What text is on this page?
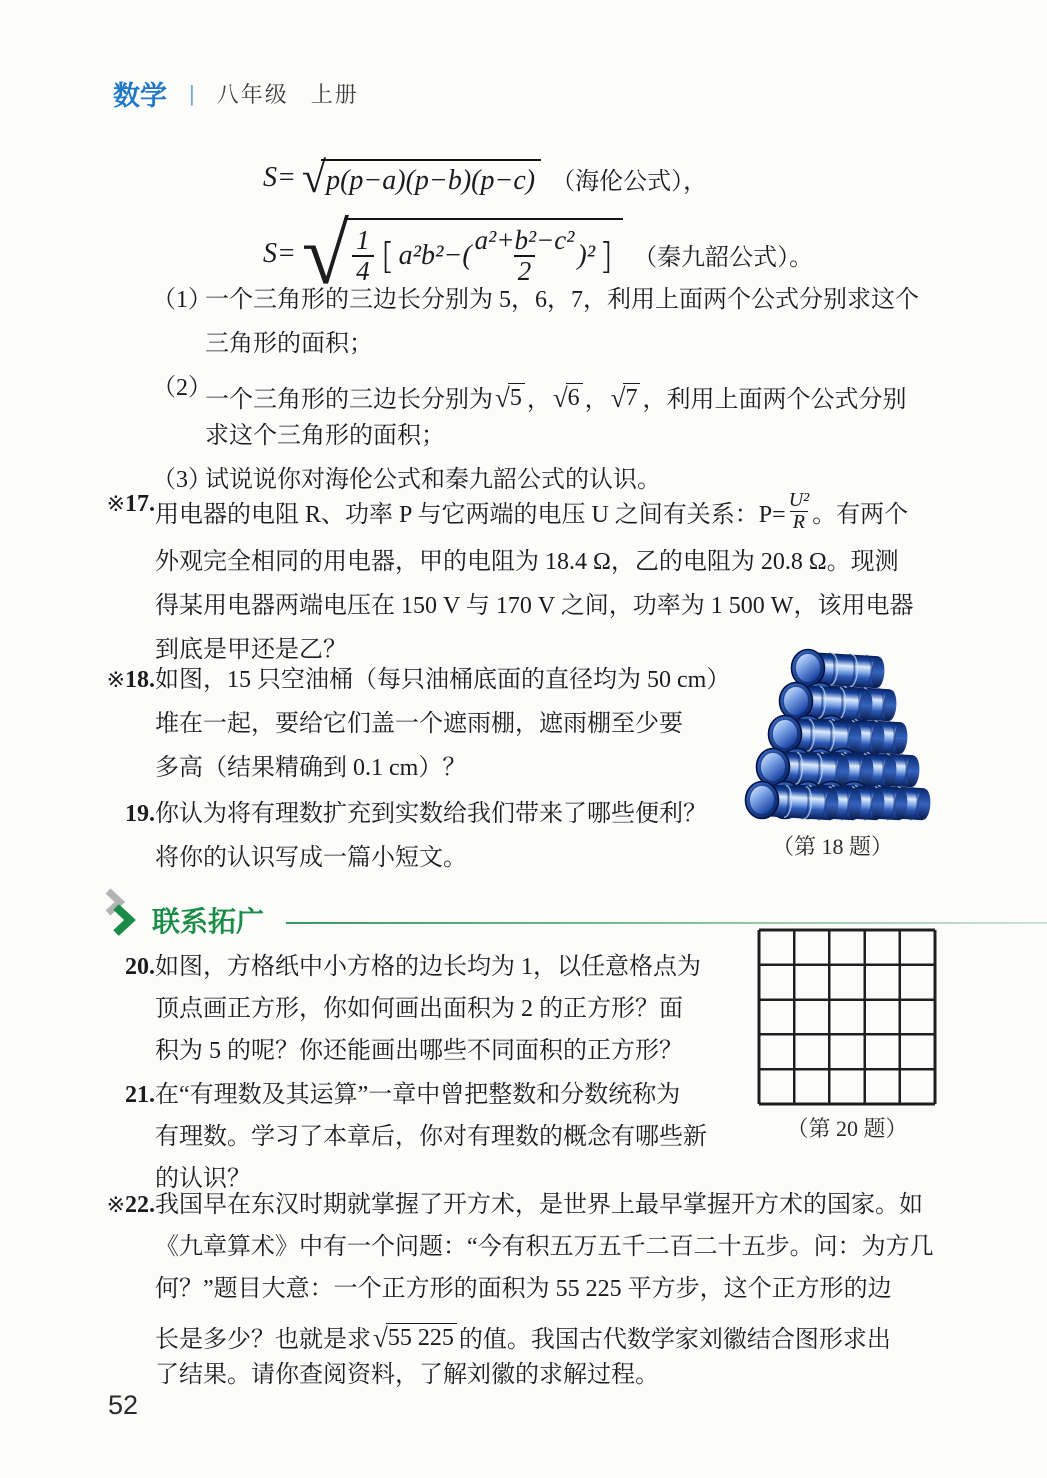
数学 | 八年级 上册
S= √ p(p−a)(p−b)(p−c) （海伦公式），
S= √ $\frac{1}{4}$ [ $a^2b^2-( \frac{\text{a²+b²−c²}}{2} )^2$ ] （秦九韶公式）。
（1）
一个三角形的三边长分别为 5，6，7，利用上面两个公式分别求这个
三角形的面积；
（2）
一个三角形的三边长分别为 √ 5 ， √ 6 ， √ 7 ，利用上面两个公式分别
求这个三角形的面积；
（3）
试说说你对海伦公式和秦九韶公式的认识。
※ 17. 用电器的电阻 R、功率 P 与它两端的电压 U 之间有关系：$P= \frac{\text{U²}}{R}$ 。有两个
外观完全相同的用电器，甲的电阻为 18.4 Ω，乙的电阻为 20.8 Ω。现测
得某用电器两端电压在 150 V 与 170 V 之间，功率为 1 500 W，该用电器
到底是甲还是乙？
※ 18. 如图，15 只空油桶（每只油桶底面的直径均为 50 cm）
堆在一起，要给它们盖一个遮雨棚，遮雨棚至少要
多高（结果精确到 0.1 cm）？
19. 你认为将有理数扩充到实数给我们带来了哪些便利？
将你的认识写成一篇小短文。	（第 18 题）
联系拓广
20. 如图，方格纸中小方格的边长均为 1，以任意格点为
顶点画正方形，你如何画出面积为 2 的正方形？面
积为 5 的呢？你还能画出哪些不同面积的正方形？
21. 在“有理数及其运算”一章中曾把整数和分数统称为
有理数。学习了本章后，你对有理数的概念有哪些新
的认识？
（第 20 题）
※ 22. 我国早在东汉时期就掌握了开方术，是世界上最早掌握开方术的国家。如
《九章算术》中有一个问题：“今有积五万五千二百二十五步。问：为方几
何？”题目大意：一个正方形的面积为 55 225 平方步，这个正方形的边
长是多少？也就是求 √ 55 225 的值。我国古代数学家刘徽结合图形求出
了结果。请你查阅资料，了解刘徽的求解过程。
52
